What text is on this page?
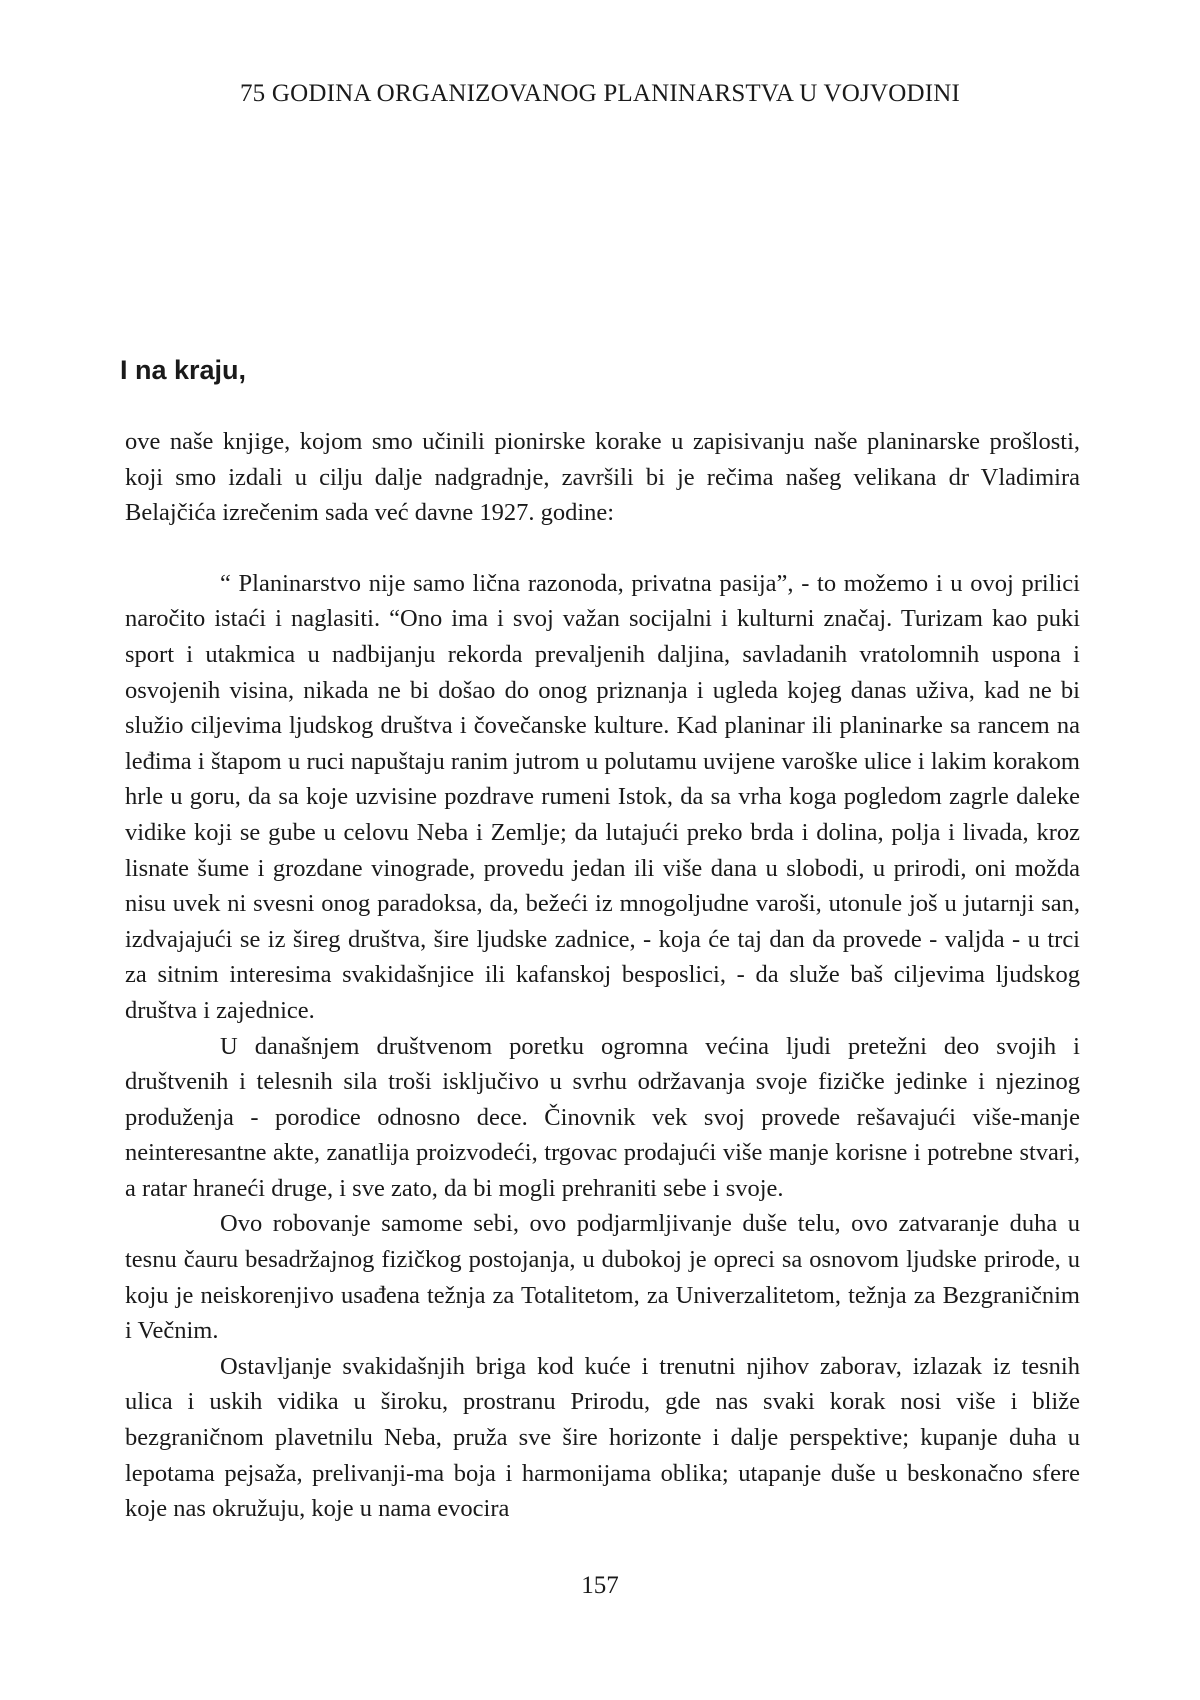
75 GODINA ORGANIZOVANOG PLANINARSTVA U VOJVODINI
I na kraju,

ove naše knjige, kojom smo učinili pionirske korake u zapisivanju naše planinarske prošlosti, koji smo izdali u cilju dalje nadgradnje, završili bi je rečima našeg velikana dr Vladimira Belajčića izrečenim sada već davne 1927. godine:

“ Planinarstvo nije samo lična razonoda, privatna pasija”, - to možemo i u ovoj prilici naročito istaći i naglasiti. “Ono ima i svoj važan socijalni i kulturni značaj. Turizam kao puki sport i utakmica u nadbijanju rekorda prevaljenih daljina, savladanih vratolomnih uspona i osvojenih visina, nikada ne bi došao do onog priznanja i ugleda kojeg danas uživa, kad ne bi služio ciljevima ljudskog društva i čovečanske kulture. Kad planinar ili planinarke sa rancem na leđima i štapom u ruci napuštaju ranim jutrom u polutamu uvijene varoške ulice i lakim korakom hrle u goru, da sa koje uzvisine pozdrave rumeni Istok, da sa vrha koga pogledom zagrle daleke vidike koji se gube u celovu Neba i Zemlje; da lutajući preko brda i dolina, polja i livada, kroz lisnate šume i grozdane vinograde, provedu jedan ili više dana u slobodi, u prirodi, oni možda nisu uvek ni svesni onog paradoksa, da, bežeći iz mnogoljudne varoši, utonule još u jutarnji san, izdvajajući se iz šireg društva, šire ljudske zadnice, - koja će taj dan da provede - valjda - u trci za sitnim interesima svakidašnjice ili kafanskoj besposlici, - da služe baš ciljevima ljudskog društva i zajednice.

U današnjem društvenom poretku ogromna većina ljudi pretežni deo svojih i društvenih i telesnih sila troši isključivo u svrhu održavanja svoje fizičke jedinke i njezinog produženja - porodice odnosno dece. Činovnik vek svoj provede rešavajući više-manje neinteresantne akte, zanatlija proizvodeći, trgovac prodajući više manje korisne i potrebne stvari, a ratar hraneći druge, i sve zato, da bi mogli prehraniti sebe i svoje.

Ovo robovanje samome sebi, ovo podjarmljivanje duše telu, ovo zatvaranje duha u tesnu čauru besadržajnog fizičkog postojanja, u dubokoj je opreci sa osnovom ljudske prirode, u koju je neiskorenjivo usađena težnja za Totalitetom, za Univerzalitetom, težnja za Bezgraničnim i Večnim.

Ostavljanje svakidašnjih briga kod kuće i trenutni njihov zaborav, izlazak iz tesnih ulica i uskih vidika u široku, prostranu Prirodu, gde nas svaki korak nosi više i bliže bezgraničnom plavetnilu Neba, pruža sve šire horizonte i dalje perspektive; kupanje duha u lepotama pejsaža, prelivanji-ma boja i harmonijama oblika; utapanje duše u beskonačno sfere koje nas okružuju, koje u nama evocira

157
